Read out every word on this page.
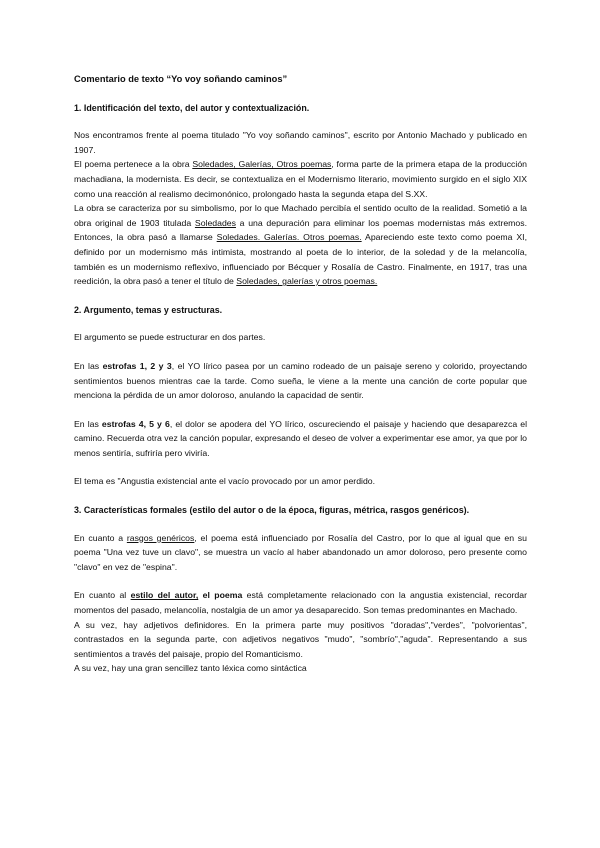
Comentario de texto “Yo voy soñando caminos”
1. Identificación del texto, del autor y contextualización.

Nos encontramos frente al poema titulado "Yo voy soñando caminos", escrito por Antonio Machado y publicado en 1907.

El poema pertenece a la obra Soledades, Galerías, Otros poemas, forma parte de la primera etapa de la producción machadiana, la modernista. Es decir, se contextualiza en el Modernismo literario, movimiento surgido en el siglo XIX como una reacción al realismo decimonónico, prolongado hasta la segunda etapa del S.XX.

La obra se caracteriza por su simbolismo, por lo que Machado percibía el sentido oculto de la realidad. Sometió a la obra original de 1903 titulada Soledades a una depuración para eliminar los poemas modernistas más extremos. Entonces, la obra pasó a llamarse Soledades. Galerías. Otros poemas. Apareciendo este texto como poema XI, definido por un modernismo más intimista, mostrando al poeta de lo interior, de la soledad y de la melancolía, también es un modernismo reflexivo, influenciado por Bécquer y Rosalía de Castro. Finalmente, en 1917, tras una reedición, la obra pasó a tener el título de Soledades, galerías y otros poemas.

2. Argumento, temas y estructuras.

El argumento se puede estructurar en dos partes.

En las estrofas 1, 2 y 3, el YO lírico pasea por un camino rodeado de un paisaje sereno y colorido, proyectando sentimientos buenos mientras cae la tarde. Como sueña, le viene a la mente una canción de corte popular que menciona la pérdida de un amor doloroso, anulando la capacidad de sentir.

En las estrofas 4, 5 y 6, el dolor se apodera del YO lírico, oscureciendo el paisaje y haciendo que desaparezca el camino. Recuerda otra vez la canción popular, expresando el deseo de volver a experimentar ese amor, ya que por lo menos sentiría, sufriría pero viviría.

El tema es "Angustia existencial ante el vacío provocado por un amor perdido.

3. Características formales (estilo del autor o de la época, figuras, métrica, rasgos genéricos).

En cuanto a rasgos genéricos, el poema está influenciado por Rosalía del Castro, por lo que al igual que en su poema "Una vez tuve un clavo", se muestra un vacío al haber abandonado un amor doloroso, pero presente como "clavo" en vez de "espina".

En cuanto al estilo del autor, el poema está completamente relacionado con la angustia existencial, recordar momentos del pasado, melancolía, nostalgia de un amor ya desaparecido. Son temas predominantes en Machado.

A su vez, hay adjetivos definidores. En la primera parte muy positivos "doradas","verdes", "polvorientas", contrastados en la segunda parte, con adjetivos negativos "mudo", "sombrío","aguda". Representando a sus sentimientos a través del paisaje, propio del Romanticismo.

A su vez, hay una gran sencillez tanto léxica como sintáctica
